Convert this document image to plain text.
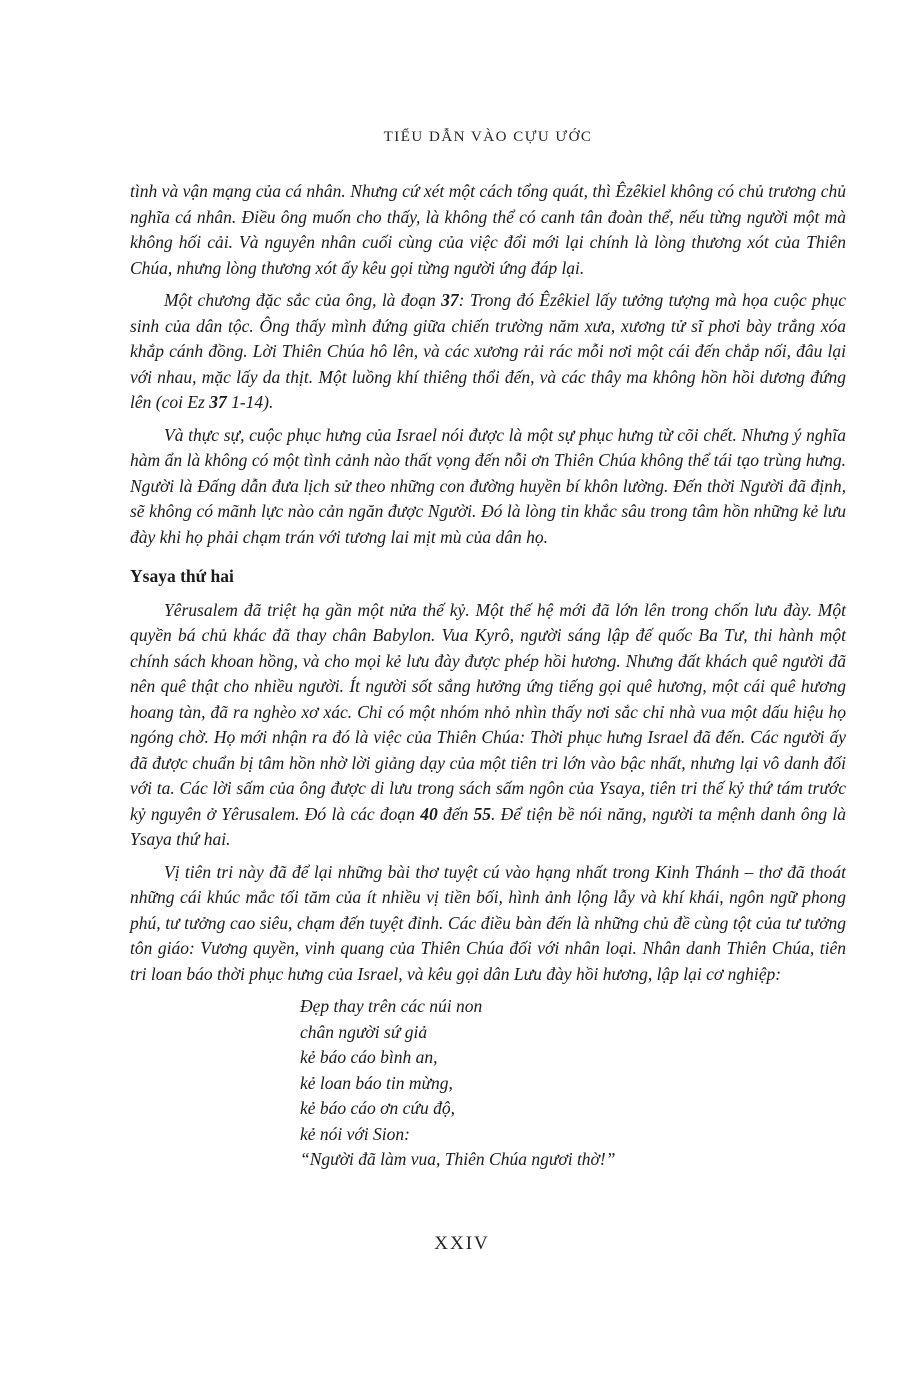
TIỂU DẪN VÀO CỰU ƯỚC

tình và vận mạng của cá nhân. Nhưng cứ xét một cách tổng quát, thì Êzêkiel không có chủ trương chủ nghĩa cá nhân. Điều ông muốn cho thấy, là không thể có canh tân đoàn thể, nếu từng người một mà không hối cải. Và nguyên nhân cuối cùng của việc đổi mới lại chính là lòng thương xót của Thiên Chúa, nhưng lòng thương xót ấy kêu gọi từng người ứng đáp lại.

Một chương đặc sắc của ông, là đoạn 37: Trong đó Êzêkiel lấy tưởng tượng mà họa cuộc phục sinh của dân tộc. Ông thấy mình đứng giữa chiến trường năm xưa, xương tử sĩ phơi bày trắng xóa khắp cánh đồng. Lời Thiên Chúa hô lên, và các xương rải rác mỗi nơi một cái đến chắp nối, đâu lại với nhau, mặc lấy da thịt. Một luồng khí thiêng thổi đến, và các thây ma không hồn hồi dương đứng lên (coi Ez 37 1-14).

Và thực sự, cuộc phục hưng của Israel nói được là một sự phục hưng từ cõi chết. Nhưng ý nghĩa hàm ẩn là không có một tình cảnh nào thất vọng đến nỗi ơn Thiên Chúa không thể tái tạo trùng hưng. Người là Đấng dẫn đưa lịch sử theo những con đường huyền bí khôn lường. Đến thời Người đã định, sẽ không có mãnh lực nào cản ngăn được Người. Đó là lòng tin khắc sâu trong tâm hồn những kẻ lưu đày khi họ phải chạm trán với tương lai mịt mù của dân họ.

Ysaya thứ hai

Yêrusalem đã triệt hạ gần một nửa thế kỷ. Một thế hệ mới đã lớn lên trong chốn lưu đày. Một quyền bá chủ khác đã thay chân Babylon. Vua Kyrô, người sáng lập đế quốc Ba Tư, thi hành một chính sách khoan hồng, và cho mọi kẻ lưu đày được phép hồi hương. Nhưng đất khách quê người đã nên quê thật cho nhiều người. Ít người sốt sắng hưởng ứng tiếng gọi quê hương, một cái quê hương hoang tàn, đã ra nghèo xơ xác. Chỉ có một nhóm nhỏ nhìn thấy nơi sắc chỉ nhà vua một dấu hiệu họ ngóng chờ. Họ mới nhận ra đó là việc của Thiên Chúa: Thời phục hưng Israel đã đến. Các người ấy đã được chuẩn bị tâm hồn nhờ lời giảng dạy của một tiên tri lớn vào bậc nhất, nhưng lại vô danh đối với ta. Các lời sấm của ông được di lưu trong sách sấm ngôn của Ysaya, tiên tri thế kỷ thứ tám trước kỷ nguyên ở Yêrusalem. Đó là các đoạn 40 đến 55. Để tiện bề nói năng, người ta mệnh danh ông là Ysaya thứ hai.

Vị tiên tri này đã để lại những bài thơ tuyệt cú vào hạng nhất trong Kinh Thánh – thơ đã thoát những cái khúc mắc tối tăm của ít nhiều vị tiền bối, hình ảnh lộng lẫy và khí khái, ngôn ngữ phong phú, tư tưởng cao siêu, chạm đến tuyệt đỉnh. Các điều bàn đến là những chủ đề cùng tột của tư tưởng tôn giáo: Vương quyền, vinh quang của Thiên Chúa đối với nhân loại. Nhân danh Thiên Chúa, tiên tri loan báo thời phục hưng của Israel, và kêu gọi dân Lưu đày hồi hương, lập lại cơ nghiệp:

Đẹp thay trên các núi non
chân người sứ giả
kẻ báo cáo bình an,
kẻ loan báo tin mừng,
kẻ báo cáo ơn cứu độ,
kẻ nói với Sion:
“Người đã làm vua, Thiên Chúa ngươi thờ!”
XXIV
